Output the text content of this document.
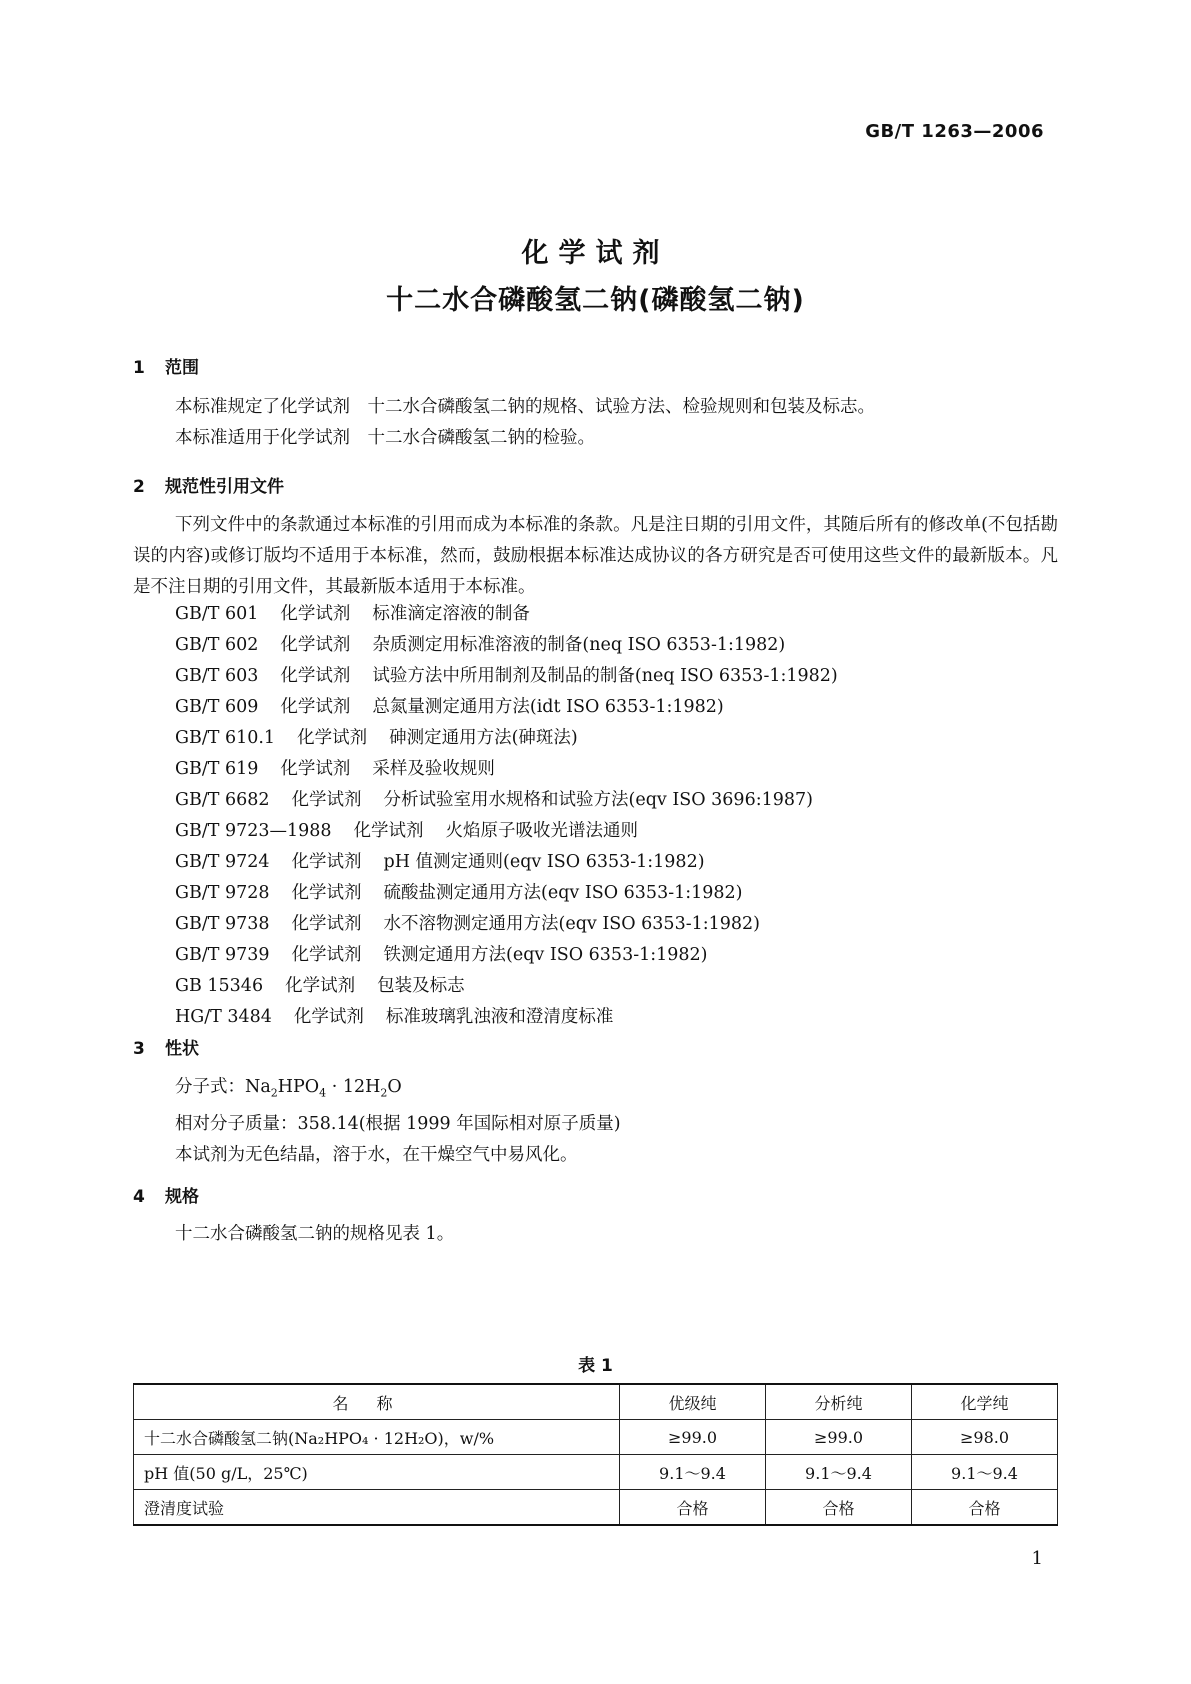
GB/T 1263—2006
化学试剂
十二水合磷酸氢二钠(磷酸氢二钠)
1 范围
本标准规定了化学试剂　十二水合磷酸氢二钠的规格、试验方法、检验规则和包装及标志。
本标准适用于化学试剂　十二水合磷酸氢二钠的检验。
2 规范性引用文件
下列文件中的条款通过本标准的引用而成为本标准的条款。凡是注日期的引用文件，其随后所有的修改单(不包括勘误的内容)或修订版均不适用于本标准，然而，鼓励根据本标准达成协议的各方研究是否可使用这些文件的最新版本。凡是不注日期的引用文件，其最新版本适用于本标准。
GB/T 601 化学试剂 标准滴定溶液的制备
GB/T 602 化学试剂 杂质测定用标准溶液的制备(neq ISO 6353-1:1982)
GB/T 603 化学试剂 试验方法中所用制剂及制品的制备(neq ISO 6353-1:1982)
GB/T 609 化学试剂 总氮量测定通用方法(idt ISO 6353-1:1982)
GB/T 610.1 化学试剂 砷测定通用方法(砷斑法)
GB/T 619 化学试剂 采样及验收规则
GB/T 6682 化学试剂 分析试验室用水规格和试验方法(eqv ISO 3696:1987)
GB/T 9723—1988 化学试剂 火焰原子吸收光谱法通则
GB/T 9724 化学试剂 pH 值测定通则(eqv ISO 6353-1:1982)
GB/T 9728 化学试剂 硫酸盐测定通用方法(eqv ISO 6353-1:1982)
GB/T 9738 化学试剂 水不溶物测定通用方法(eqv ISO 6353-1:1982)
GB/T 9739 化学试剂 铁测定通用方法(eqv ISO 6353-1:1982)
GB 15346 化学试剂 包装及标志
HG/T 3484 化学试剂 标准玻璃乳浊液和澄清度标准
3 性状
分子式：$Na_2HPO_4 \cdot 12H_2O$
相对分子质量：358.14(根据 1999 年国际相对原子质量)
本试剂为无色结晶，溶于水，在干燥空气中易风化。
4 规格
十二水合磷酸氢二钠的规格见表 1。
表 1
名称	优级纯	分析纯	化学纯
十二水合磷酸氢二钠(Na₂HPO₄ · 12H₂O)，w/%	≥99.0	≥99.0	≥98.0
pH 值(50 g/L，25℃)	9.1～9.4	9.1～9.4	9.1～9.4
澄清度试验	合格	合格	合格
1
